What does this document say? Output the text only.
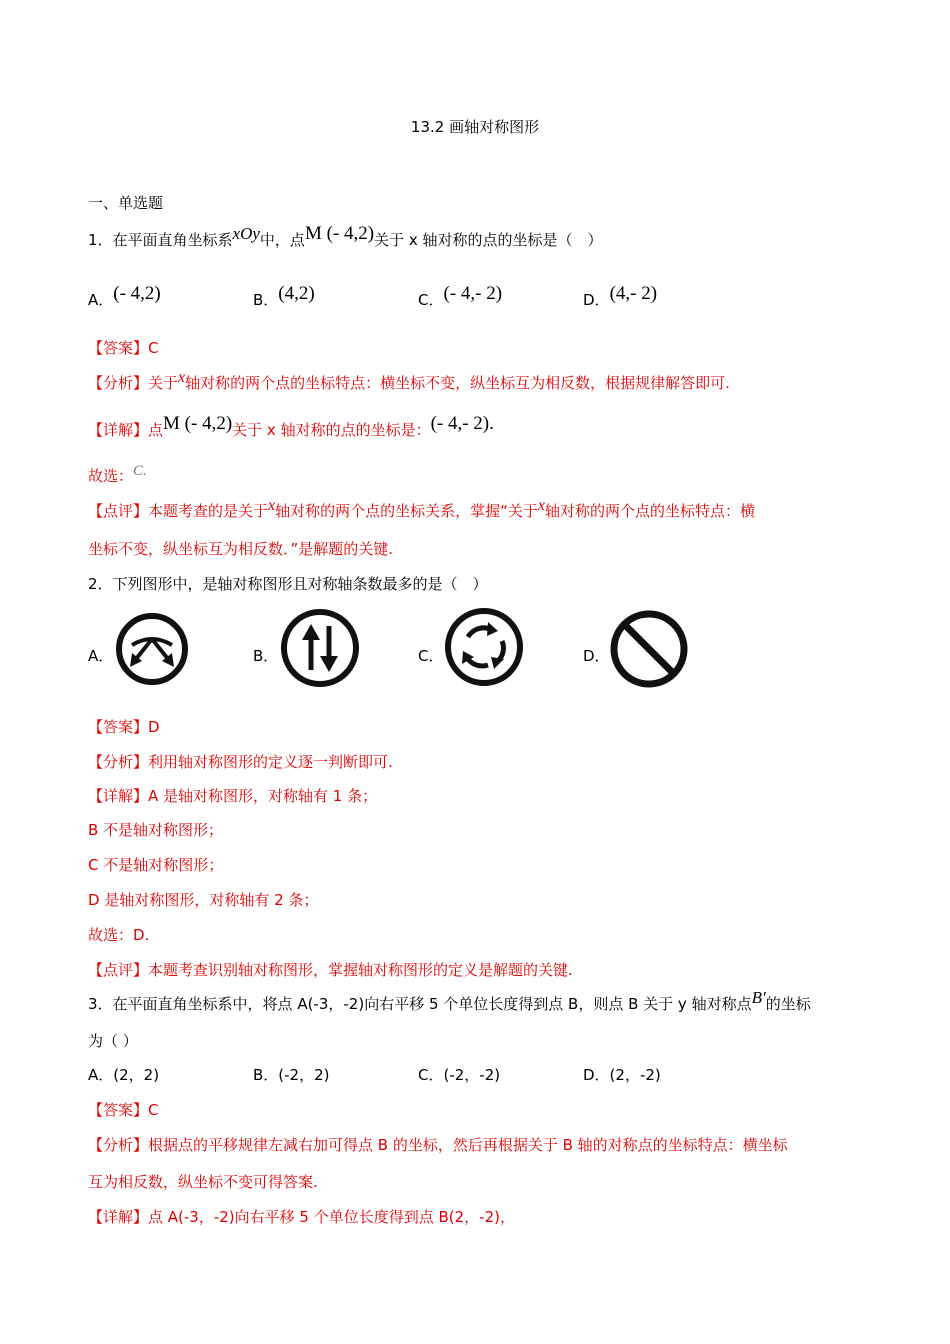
13.2 画轴对称图形
一、单选题
1．在平面直角坐标系xOy中，点M (- 4,2)关于 x 轴对称的点的坐标是（　）
A．(- 4,2)	B．(4,2)	C．(- 4,- 2)	D．(4,- 2)
【答案】C
【分析】关于x轴对称的两个点的坐标特点：横坐标不变，纵坐标互为相反数，根据规律解答即可.
【详解】点M (- 4,2)关于 x 轴对称的点的坐标是：(- 4,- 2).
故选：C.
【点评】本题考查的是关于x轴对称的两个点的坐标关系，掌握“关于x轴对称的两个点的坐标特点：横
坐标不变，纵坐标互为相反数．”是解题的关键.
2．下列图形中，是轴对称图形且对称轴条数最多的是（　）
A．	B．	C．	D．
【答案】D
【分析】利用轴对称图形的定义逐一判断即可.
【详解】A 是轴对称图形，对称轴有 1 条；
B 不是轴对称图形；
C 不是轴对称图形；
D 是轴对称图形，对称轴有 2 条；
故选：D.
【点评】本题考查识别轴对称图形，掌握轴对称图形的定义是解题的关键.
3．在平面直角坐标系中，将点 A(-3，-2)向右平移 5 个单位长度得到点 B，则点 B 关于 y 轴对称点B′的坐标
为（ ）
A．(2，2)	B．(-2，2)	C．(-2，-2)	D．(2，-2)
【答案】C
【分析】根据点的平移规律左减右加可得点 B 的坐标，然后再根据关于 B 轴的对称点的坐标特点：横坐标
互为相反数，纵坐标不变可得答案.
【详解】点 A(-3，-2)向右平移 5 个单位长度得到点 B(2，-2)，
